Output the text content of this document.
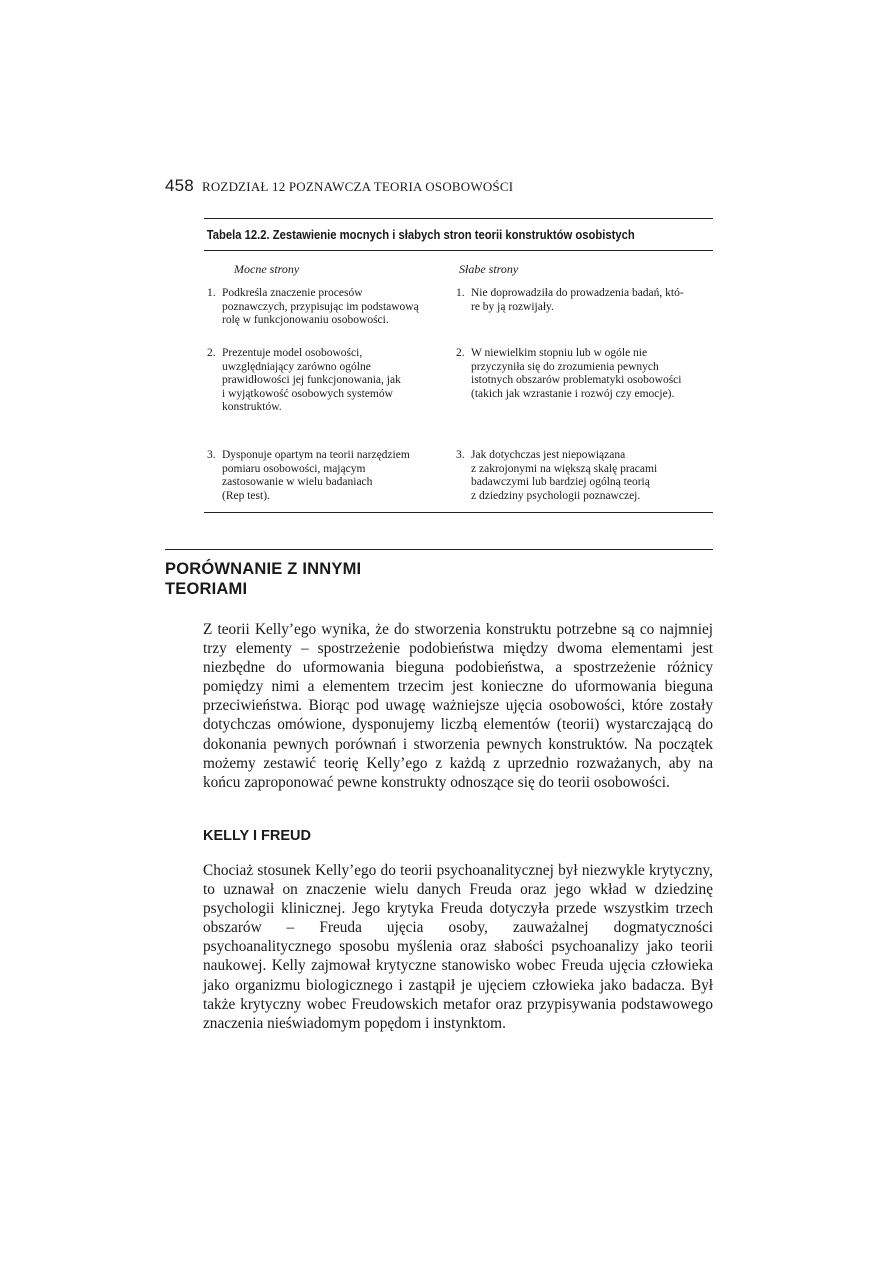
458 ROZDZIAŁ 12 POZNAWCZA TEORIA OSOBOWOŚCI
Tabela 12.2. Zestawienie mocnych i słabych stron teorii konstruktów osobistych
Mocne strony	Słabe strony
1. Podkreśla znaczenie procesów
poznawczych, przypisując im podstawową
rolę w funkcjonowaniu osobowości.
1. Nie doprowadziła do prowadzenia badań, któ-
re by ją rozwijały.
2. Prezentuje model osobowości,
uwzględniający zarówno ogólne
prawidłowości jej funkcjonowania, jak
i wyjątkowość osobowych systemów
konstruktów.
2. W niewielkim stopniu lub w ogóle nie
przyczyniła się do zrozumienia pewnych
istotnych obszarów problematyki osobowości
(takich jak wzrastanie i rozwój czy emocje).
3. Dysponuje opartym na teorii narzędziem
pomiaru osobowości, mającym
zastosowanie w wielu badaniach
(Rep test).
3. Jak dotychczas jest niepowiązana
z zakrojonymi na większą skalę pracami
badawczymi lub bardziej ogólną teorią
z dziedziny psychologii poznawczej.
PORÓWNANIE Z INNYMI
TEORIAMI

Z teorii Kelly’ego wynika, że do stworzenia konstruktu potrzebne są co najmniej trzy elementy – spostrzeżenie podobieństwa między dwoma elementami jest niezbędne do uformowania bieguna podobieństwa, a spostrzeżenie różnicy pomiędzy nimi a elementem trzecim jest konieczne do uformowania bieguna przeciwieństwa. Biorąc pod uwagę ważniejsze ujęcia osobowości, które zostały dotychczas omówione, dysponujemy liczbą elementów (teorii) wystarczającą do dokonania pewnych porównań i stworzenia pewnych konstruktów. Na początek możemy zestawić teorię Kelly’ego z każdą z uprzednio rozważanych, aby na końcu zaproponować pewne konstrukty odnoszące się do teorii osobowości.

KELLY I FREUD

Chociaż stosunek Kelly’ego do teorii psychoanalitycznej był niezwykle krytyczny, to uznawał on znaczenie wielu danych Freuda oraz jego wkład w dziedzinę psychologii klinicznej. Jego krytyka Freuda dotyczyła przede wszystkim trzech obszarów – Freuda ujęcia osoby, zauważalnej dogmatyczności psychoanalitycznego sposobu myślenia oraz słabości psychoanalizy jako teorii naukowej. Kelly zajmował krytyczne stanowisko wobec Freuda ujęcia człowieka jako organizmu biologicznego i zastąpił je ujęciem człowieka jako badacza. Był także krytyczny wobec Freudowskich metafor oraz przypisywania podstawowego znaczenia nieświadomym popędom i instynktom.
